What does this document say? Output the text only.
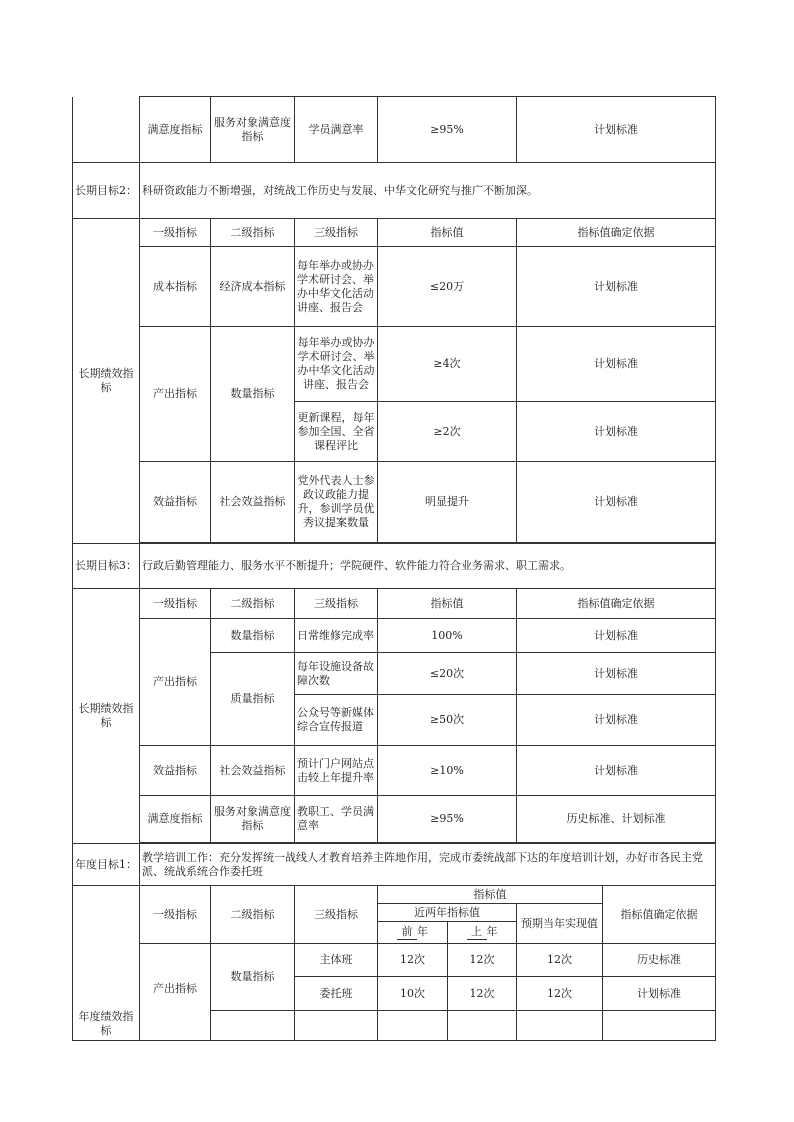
	满意度指标	服务对象满意度指标	学员满意率	≥95%	计划标准
长期目标2：	科研资政能力不断增强，对统战工作历史与发展、中华文化研究与推广不断加深。				
长期绩效指标	一级指标	二级指标	三级指标	指标值	指标值确定依据
	成本指标	经济成本指标	每年举办或协办学术研讨会、举办中华文化活动讲座、报告会	≤20万	计划标准
	产出指标	数量指标	每年举办或协办学术研讨会、举办中华文化活动讲座、报告会	≥4次	计划标准
			更新课程，每年参加全国、全省课程评比	≥2次	计划标准
	效益指标	社会效益指标	党外代表人士参政议政能力提升，参训学员优秀议提案数量	明显提升	计划标准

长期目标3：	行政后勤管理能力、服务水平不断提升；学院硬件、软件能力符合业务需求、职工需求。				
长期绩效指标	一级指标	二级指标	三级指标	指标值	指标值确定依据
	产出指标	数量指标	日常维修完成率	100%	计划标准
		质量指标	每年设施设备故障次数	≤20次	计划标准
			公众号等新媒体综合宣传报道	≥50次	计划标准
	效益指标	社会效益指标	预计门户网站点击较上年提升率	≥10%	计划标准
	满意度指标	服务对象满意度指标	教职工、学员满意率	≥95%	历史标准、计划标准

年度目标1：	教学培训工作：充分发挥统一战线人才教育培养主阵地作用，完成市委统战部下达的年度培训计划，办好市各民主党派、统战系统合作委托班				
年度绩效指标	一级指标	二级指标	三级指标	指标值			指标值确定依据
				近两年指标值		预期当年实现值	
				前 年	上 年		
	产出指标	数量指标	主体班	12次	12次	12次	历史标准
			委托班	10次	12次	12次	计划标准
